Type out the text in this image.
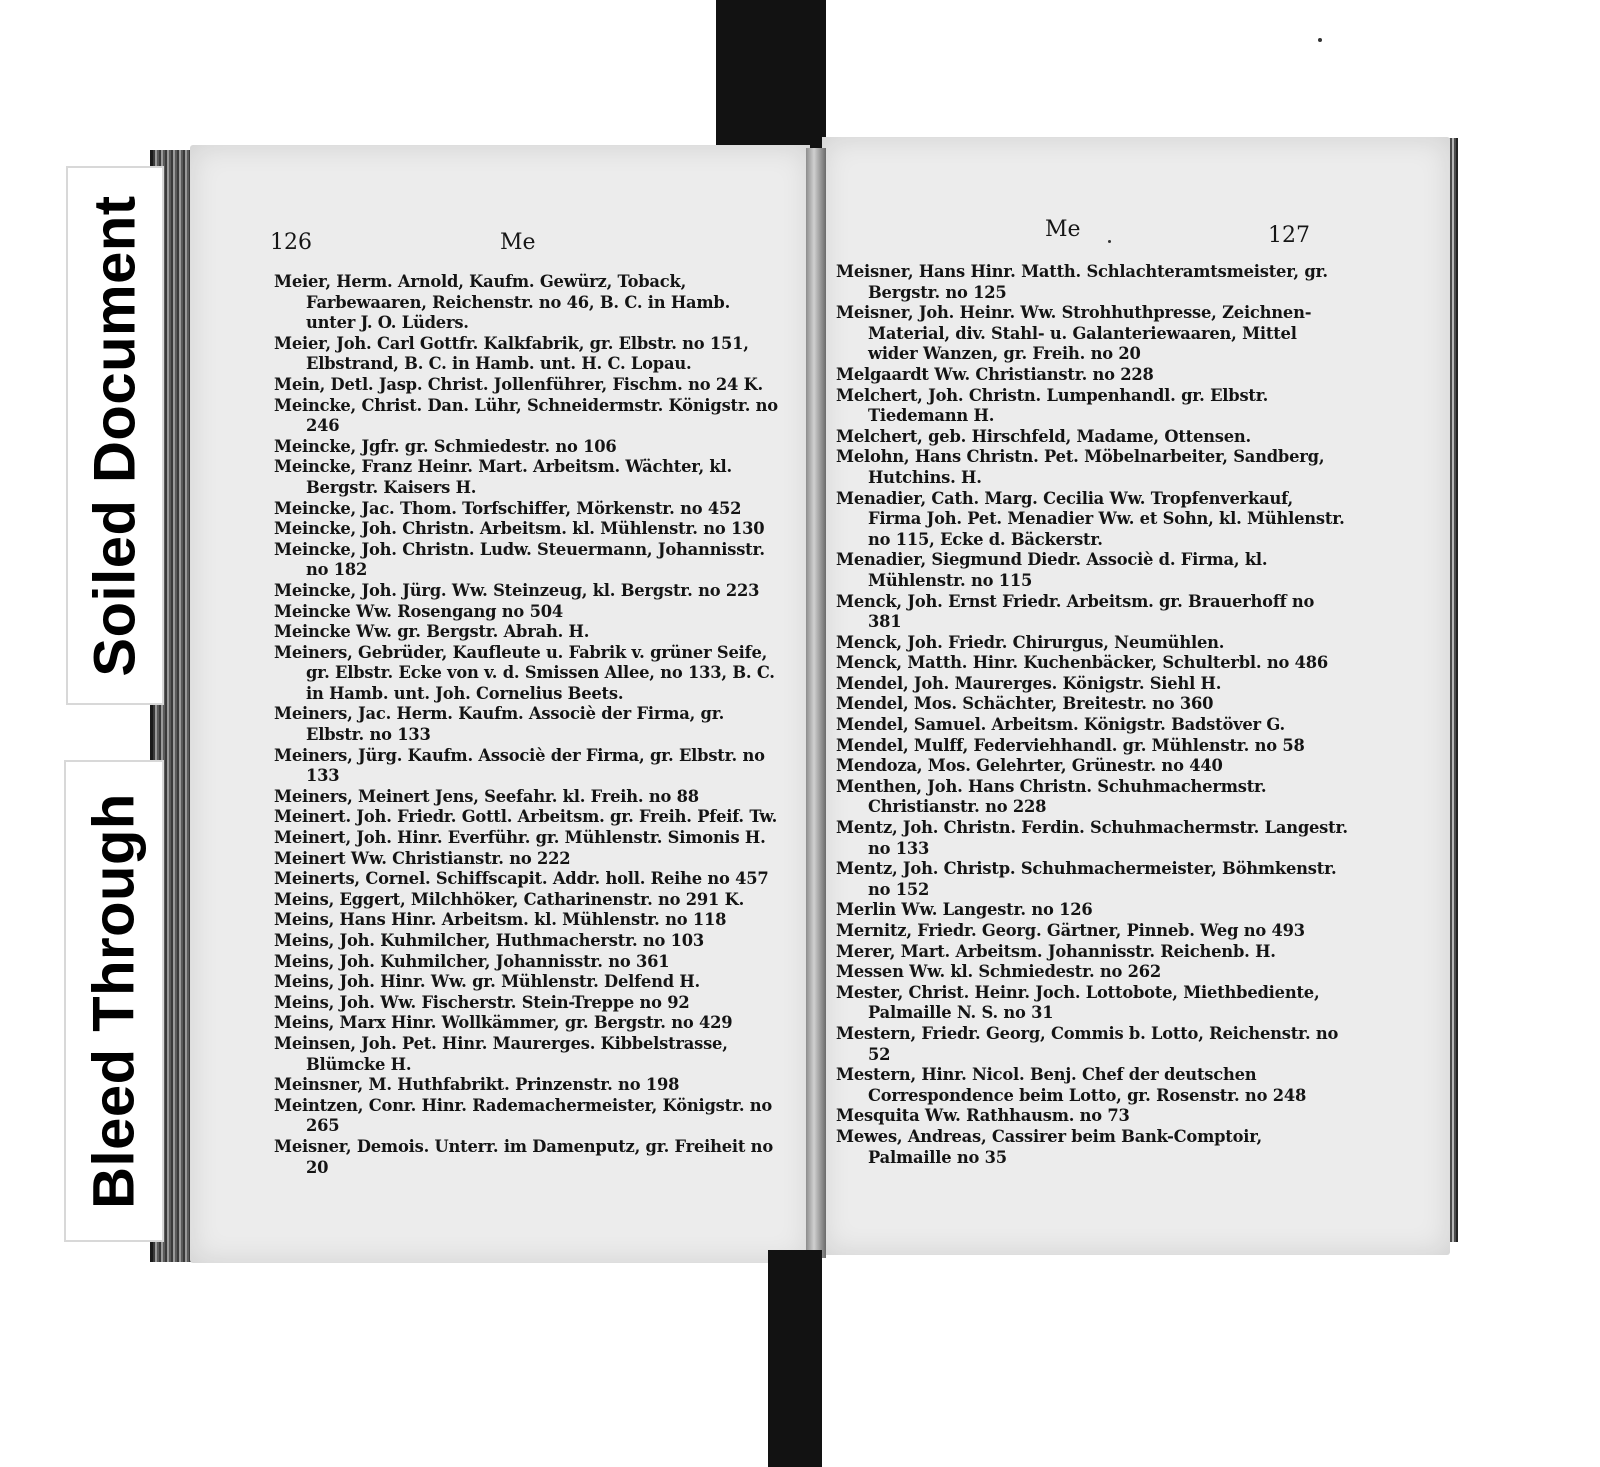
126	Me
Meier, Herm. Arnold, Kaufm. Gewürz, Toback, Farbewaaren, Reichenstr. no 46, B. C. in Hamb. unter J. O. Lüders.
Meier, Joh. Carl Gottfr. Kalkfabrik, gr. Elbstr. no 151, Elbstrand, B. C. in Hamb. unt. H. C. Lopau.
Mein, Detl. Jasp. Christ. Jollenführer, Fischm. no 24 K.
Meincke, Christ. Dan. Lühr, Schneidermstr. Königstr. no 246
Meincke, Jgfr. gr. Schmiedestr. no 106
Meincke, Franz Heinr. Mart. Arbeitsm. Wächter, kl. Bergstr. Kaisers H.
Meincke, Jac. Thom. Torfschiffer, Mörkenstr. no 452
Meincke, Joh. Christn. Arbeitsm. kl. Mühlenstr. no 130
Meincke, Joh. Christn. Ludw. Steuermann, Johannisstr. no 182
Meincke, Joh. Jürg. Ww. Steinzeug, kl. Bergstr. no 223
Meincke Ww. Rosengang no 504
Meincke Ww. gr. Bergstr. Abrah. H.
Meiners, Gebrüder, Kaufleute u. Fabrik v. grüner Seife, gr. Elbstr. Ecke von v. d. Smissen Allee, no 133, B. C. in Hamb. unt. Joh. Cornelius Beets.
Meiners, Jac. Herm. Kaufm. Associè der Firma, gr. Elbstr. no 133
Meiners, Jürg. Kaufm. Associè der Firma, gr. Elbstr. no 133
Meiners, Meinert Jens, Seefahr. kl. Freih. no 88
Meinert. Joh. Friedr. Gottl. Arbeitsm. gr. Freih. Pfeif. Tw.
Meinert, Joh. Hinr. Everführ. gr. Mühlenstr. Simonis H.
Meinert Ww. Christianstr. no 222
Meinerts, Cornel. Schiffscapit. Addr. holl. Reihe no 457
Meins, Eggert, Milchhöker, Catharinenstr. no 291 K.
Meins, Hans Hinr. Arbeitsm. kl. Mühlenstr. no 118
Meins, Joh. Kuhmilcher, Huthmacherstr. no 103
Meins, Joh. Kuhmilcher, Johannisstr. no 361
Meins, Joh. Hinr. Ww. gr. Mühlenstr. Delfend H.
Meins, Joh. Ww. Fischerstr. Stein-Treppe no 92
Meins, Marx Hinr. Wollkämmer, gr. Bergstr. no 429
Meinsen, Joh. Pet. Hinr. Maurerges. Kibbelstrasse, Blümcke H.
Meinsner, M. Huthfabrikt. Prinzenstr. no 198
Meintzen, Conr. Hinr. Rademachermeister, Königstr. no 265
Meisner, Demois. Unterr. im Damenputz, gr. Freiheit no 20
Me	127
Meisner, Hans Hinr. Matth. Schlachteramtsmeister, gr. Bergstr. no 125
Meisner, Joh. Heinr. Ww. Strohhuthpresse, Zeichnen-Material, div. Stahl- u. Galanteriewaaren, Mittel wider Wanzen, gr. Freih. no 20
Melgaardt Ww. Christianstr. no 228
Melchert, Joh. Christn. Lumpenhandl. gr. Elbstr. Tiedemann H.
Melchert, geb. Hirschfeld, Madame, Ottensen.
Melohn, Hans Christn. Pet. Möbelnarbeiter, Sandberg, Hutchins. H.
Menadier, Cath. Marg. Cecilia Ww. Tropfenverkauf, Firma Joh. Pet. Menadier Ww. et Sohn, kl. Mühlenstr. no 115, Ecke d. Bäckerstr.
Menadier, Siegmund Diedr. Associè d. Firma, kl. Mühlenstr. no 115
Menck, Joh. Ernst Friedr. Arbeitsm. gr. Brauerhoff no 381
Menck, Joh. Friedr. Chirurgus, Neumühlen.
Menck, Matth. Hinr. Kuchenbäcker, Schulterbl. no 486
Mendel, Joh. Maurerges. Königstr. Siehl H.
Mendel, Mos. Schächter, Breitestr. no 360
Mendel, Samuel. Arbeitsm. Königstr. Badstöver G.
Mendel, Mulff, Federviehhandl. gr. Mühlenstr. no 58
Mendoza, Mos. Gelehrter, Grünestr. no 440
Menthen, Joh. Hans Christn. Schuhmachermstr. Christianstr. no 228
Mentz, Joh. Christn. Ferdin. Schuhmachermstr. Langestr. no 133
Mentz, Joh. Christp. Schuhmachermeister, Böhmkenstr. no 152
Merlin Ww. Langestr. no 126
Mernitz, Friedr. Georg. Gärtner, Pinneb. Weg no 493
Merer, Mart. Arbeitsm. Johannisstr. Reichenb. H.
Messen Ww. kl. Schmiedestr. no 262
Mester, Christ. Heinr. Joch. Lottobote, Miethbediente, Palmaille N. S. no 31
Mestern, Friedr. Georg, Commis b. Lotto, Reichenstr. no 52
Mestern, Hinr. Nicol. Benj. Chef der deutschen Correspondence beim Lotto, gr. Rosenstr. no 248
Mesquita Ww. Rathhausm. no 73
Mewes, Andreas, Cassirer beim Bank-Comptoir, Palmaille no 35
Soiled Document
Bleed Through
